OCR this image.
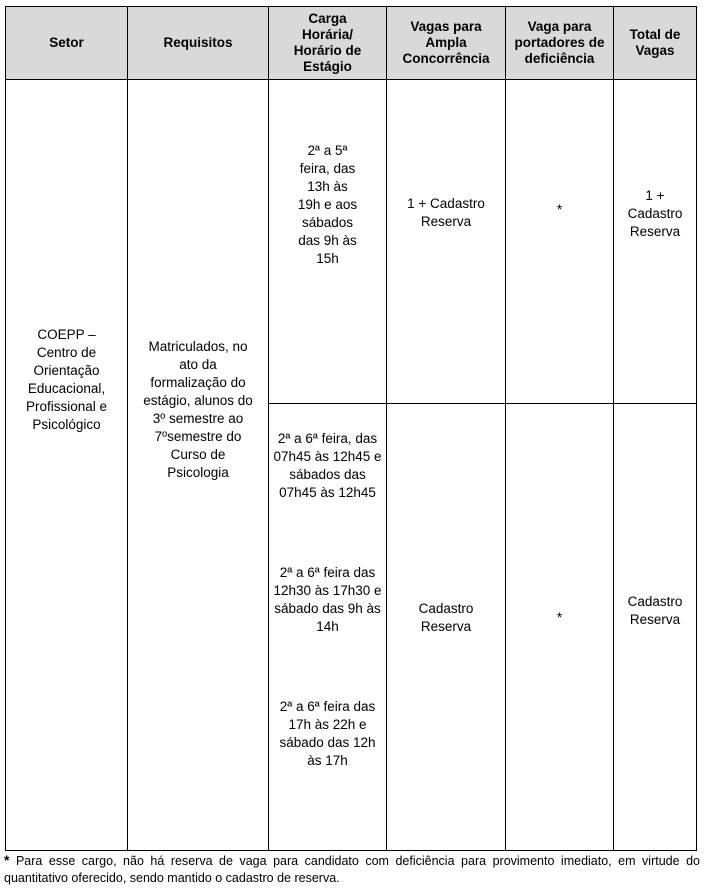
Setor	Requisitos
Carga Horária/ Horário de Estágio
Vagas para Ampla Concorrência
Vaga para portadores de deficiência
Total de Vagas
COEPP – Centro de Orientação Educacional, Profissional e Psicológico
Matriculados, no ato da formalização do estágio, alunos do 3º semestre ao 7ºsemestre do Curso de Psicologia
2ª a 5ª feira, das 13h às 19h e aos sábados das 9h às 15h
1 + Cadastro Reserva
*
1 + Cadastro Reserva
2ª a 6ª feira, das 07h45 às 12h45 e sábados das 07h45 às 12h45
2ª a 6ª feira das 12h30 às 17h30 e sábado das 9h às 14h
2ª a 6ª feira das 17h às 22h e sábado das 12h às 17h
Cadastro Reserva
*
Cadastro Reserva
* Para esse cargo, não há reserva de vaga para candidato com deficiência para provimento imediato, em virtude do quantitativo oferecido, sendo mantido o cadastro de reserva.
